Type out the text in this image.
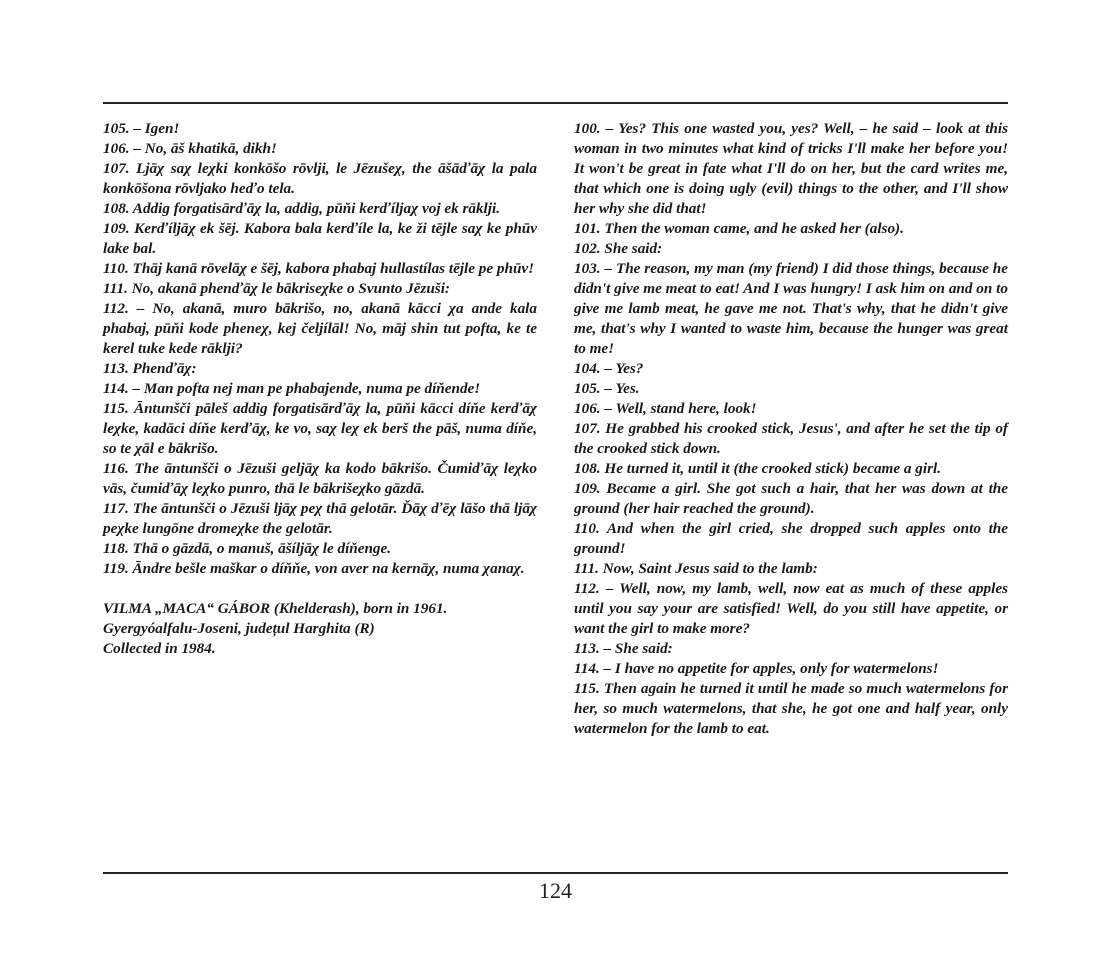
105. – Igen!

106. – No, āš khatikā, dikh!

107. Ljāχ saχ leχki konkōšo rōvlji, le Jēzušeχ, the āšāďāχ la pala konkōšona rōvljako heďo tela.

108. Addig forgatisārďāχ la, addig, pūňi kerďíljaχ voj ek rāklji.

109. Kerďíljāχ ek šēj. Kabora bala kerďíle la, ke ži tējle saχ ke phūv lake bal.

110. Thāj kanā rōvelāχ e šēj, kabora phabaj hullastílas tējle pe phūv!

111. No, akanā phenďāχ le bākriseχke o Svunto Jēzuši:

112. – No, akanā, muro bākrišo, no, akanā kācci χa ande kala phabaj, pūňi kode pheneχ, kej čeljílāl! No, māj shin tut pofta, ke te kerel tuke kede rāklji?

113. Phenďāχ:

114. – Man pofta nej man pe phabajende, numa pe díňende!

115. Āntunšči pāleš addig forgatisārďāχ la, pūňi kācci díňe kerďāχ leχke, kadāci díňe kerďāχ, ke vo, saχ leχ ek berš the pāš, numa díňe, so te χāl e bākrišo.

116. The āntunšči o Jēzuši geljāχ ka kodo bākrišo. Čumiďāχ leχko vās, čumiďāχ leχko punro, thā le bākrišeχko gāzdā.

117. The āntunšči o Jēzuši ljāχ peχ thā gelotār. Ďāχ ďēχ lāšo thā ljāχ peχke lungōne dromeχke the gelotār.

118. Thā o gāzdā, o manuš, āšíljāχ le díňenge.

119. Āndre bešle maškar o díňňe, von aver na kernāχ, numa χanaχ.

VILMA „MACA“ GÁBOR (Khelderash), born in 1961.

Gyergyóalfalu-Joseni, județul Harghita (R)

Collected in 1984.

100. – Yes? This one wasted you, yes? Well, – he said – look at this woman in two minutes what kind of tricks I'll make her before you! It won't be great in fate what I'll do on her, but the card writes me, that which one is doing ugly (evil) things to the other, and I'll show her why she did that!

101. Then the woman came, and he asked her (also).

102. She said:

103. – The reason, my man (my friend) I did those things, because he didn't give me meat to eat! And I was hungry! I ask him on and on to give me lamb meat, he gave me not. That's why, that he didn't give me, that's why I wanted to waste him, because the hunger was great to me!

104. – Yes?

105. – Yes.

106. – Well, stand here, look!

107. He grabbed his crooked stick, Jesus', and after he set the tip of the crooked stick down.

108. He turned it, until it (the crooked stick) became a girl.

109. Became a girl. She got such a hair, that her was down at the ground (her hair reached the ground).

110. And when the girl cried, she dropped such apples onto the ground!

111. Now, Saint Jesus said to the lamb:

112. – Well, now, my lamb, well, now eat as much of these apples until you say your are satisfied! Well, do you still have appetite, or want the girl to make more?

113. – She said:

114. – I have no appetite for apples, only for watermelons!

115. Then again he turned it until he made so much watermelons for her, so much watermelons, that she, he got one and half year, only watermelon for the lamb to eat.

124
